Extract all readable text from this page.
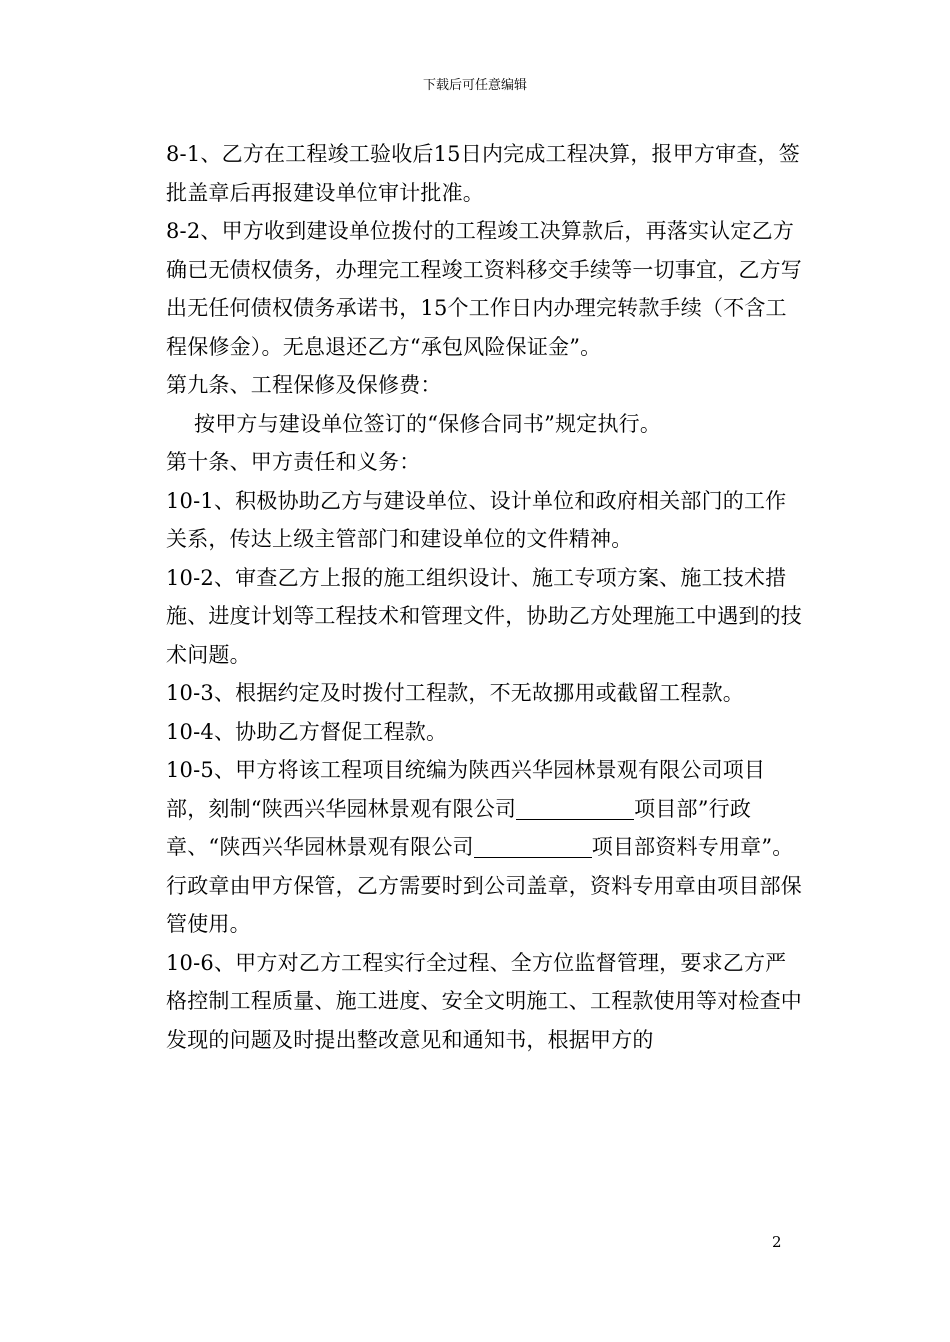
下载后可任意编辑

8-1、乙方在工程竣工验收后15日内完成工程决算，报甲方审查，签批盖章后再报建设单位审计批准。

8-2、甲方收到建设单位拨付的工程竣工决算款后，再落实认定乙方确已无债权债务，办理完工程竣工资料移交手续等一切事宜，乙方写出无任何债权债务承诺书，15个工作日内办理完转款手续（不含工程保修金）。无息退还乙方“承包风险保证金”。

第九条、工程保修及保修费：

按甲方与建设单位签订的“保修合同书”规定执行。

第十条、甲方责任和义务：

10-1、积极协助乙方与建设单位、设计单位和政府相关部门的工作关系，传达上级主管部门和建设单位的文件精神。

10-2、审查乙方上报的施工组织设计、施工专项方案、施工技术措施、进度计划等工程技术和管理文件，协助乙方处理施工中遇到的技术问题。

10-3、根据约定及时拨付工程款，不无故挪用或截留工程款。

10-4、协助乙方督促工程款。

10-5、甲方将该工程项目统编为陕西兴华园林景观有限公司项目部，刻制“陕西兴华园林景观有限公司	项目部”行政章、“陕西兴华园林景观有限公司	项目部资料专用章”。行政章由甲方保管，乙方需要时到公司盖章，资料专用章由项目部保管使用。

10-6、甲方对乙方工程实行全过程、全方位监督管理，要求乙方严格控制工程质量、施工进度、安全文明施工、工程款使用等对检查中发现的问题及时提出整改意见和通知书，根据甲方的

2
